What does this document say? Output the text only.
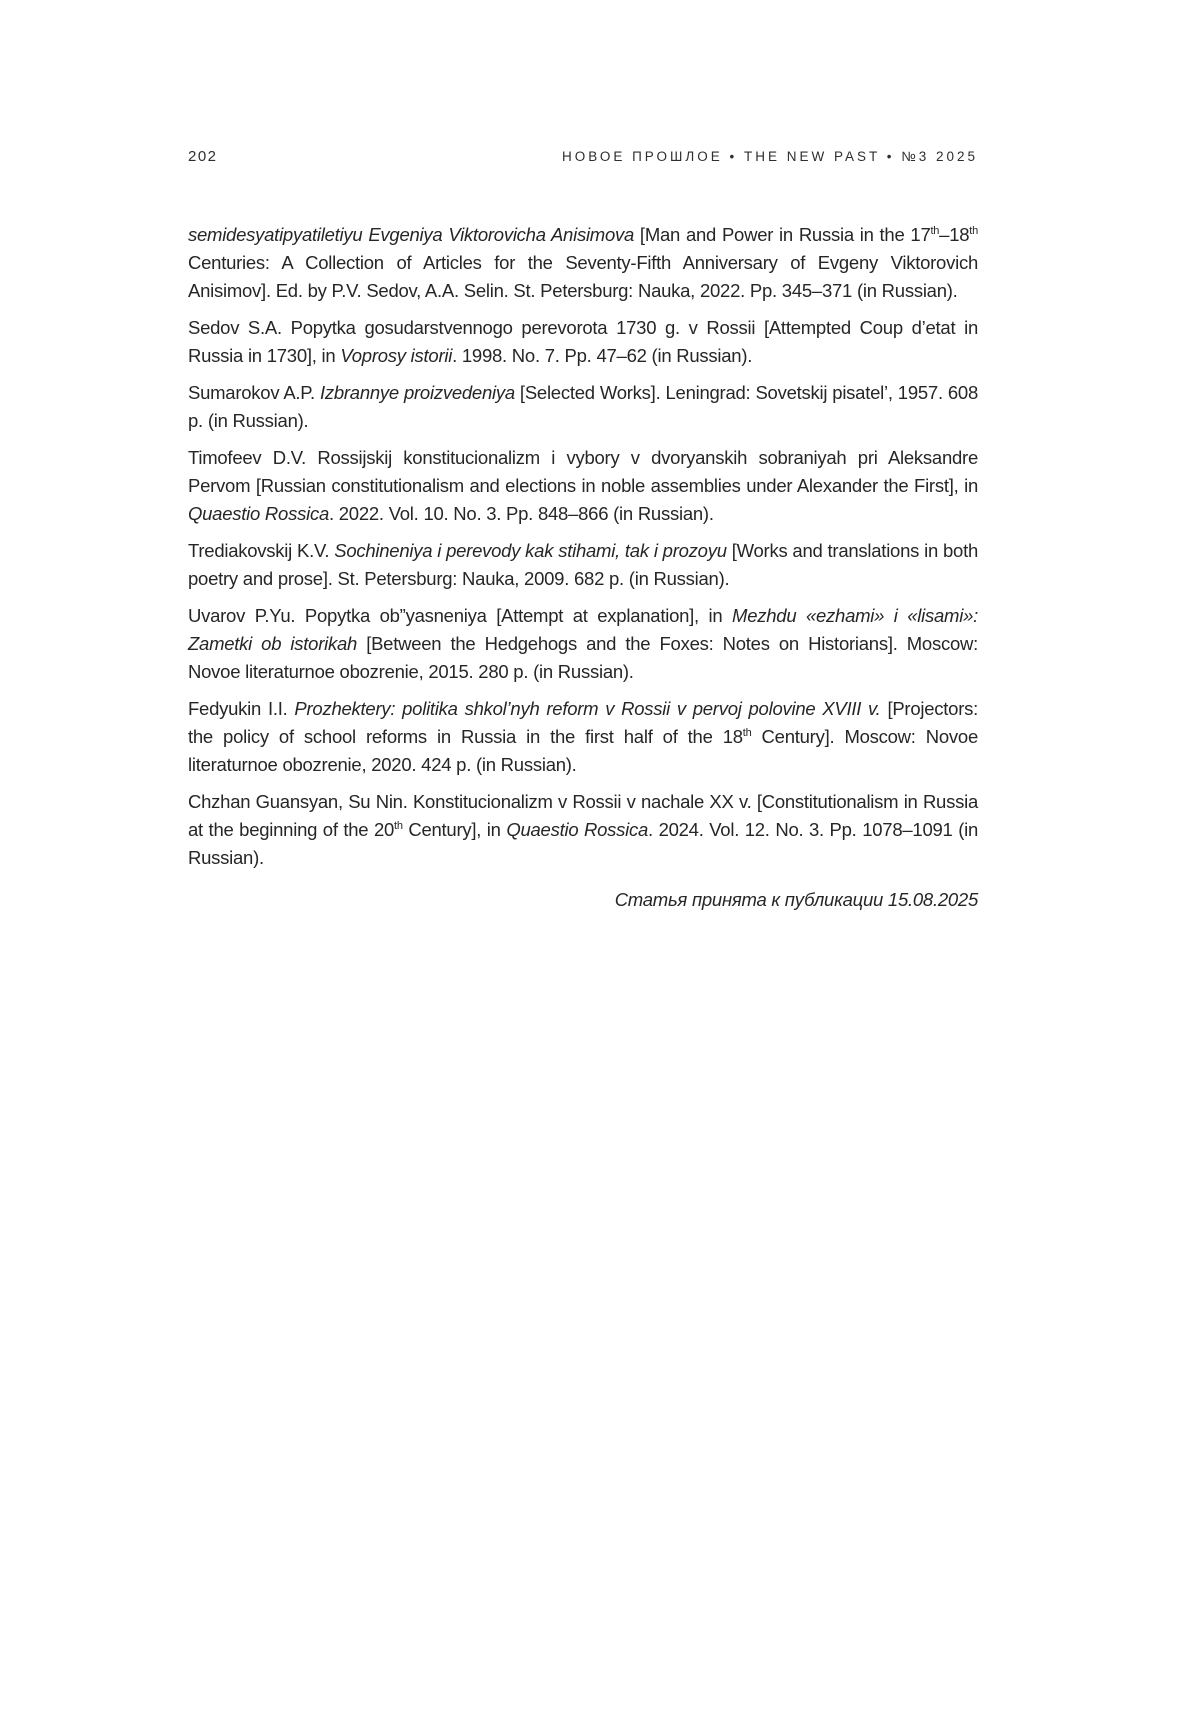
202	НОВОЕ ПРОШЛОЕ • THE NEW PAST • №3 2025

semidesyatipyatiletiyu Evgeniya Viktorovicha Anisimova [Man and Power in Russia in the 17th–18th Centuries: A Collection of Articles for the Seventy-Fifth Anniversary of Evgeny Viktorovich Anisimov]. Ed. by P.V. Sedov, A.A. Selin. St. Petersburg: Nauka, 2022. Pp. 345–371 (in Russian).

Sedov S.A. Popytka gosudarstvennogo perevorota 1730 g. v Rossii [Attempted Coup d’etat in Russia in 1730], in Voprosy istorii. 1998. No. 7. Pp. 47–62 (in Russian).

Sumarokov A.P. Izbrannye proizvedeniya [Selected Works]. Leningrad: Sovetskij pisatel’, 1957. 608 p. (in Russian).

Timofeev D.V. Rossijskij konstitucionalizm i vybory v dvoryanskih sobraniyah pri Aleksandre Pervom [Russian constitutionalism and elections in noble assemblies under Alexander the First], in Quaestio Rossica. 2022. Vol. 10. No. 3. Pp. 848–866 (in Russian).

Trediakovskij K.V. Sochineniya i perevody kak stihami, tak i prozoyu [Works and translations in both poetry and prose]. St. Petersburg: Nauka, 2009. 682 p. (in Russian).

Uvarov P.Yu. Popytka ob”yasneniya [Attempt at explanation], in Mezhdu «ezhami» i «lisami»: Zametki ob istorikah [Between the Hedgehogs and the Foxes: Notes on Historians]. Moscow: Novoe literaturnoe obozrenie, 2015. 280 p. (in Russian).

Fedyukin I.I. Prozhektery: politika shkol’nyh reform v Rossii v pervoj polovine XVIII v. [Projectors: the policy of school reforms in Russia in the first half of the 18th Century]. Moscow: Novoe literaturnoe obozrenie, 2020. 424 p. (in Russian).

Chzhan Guansyan, Su Nin. Konstitucionalizm v Rossii v nachale XX v. [Constitutionalism in Russia at the beginning of the 20th Century], in Quaestio Rossica. 2024. Vol. 12. No. 3. Pp. 1078–1091 (in Russian).

Статья принята к публикации 15.08.2025
